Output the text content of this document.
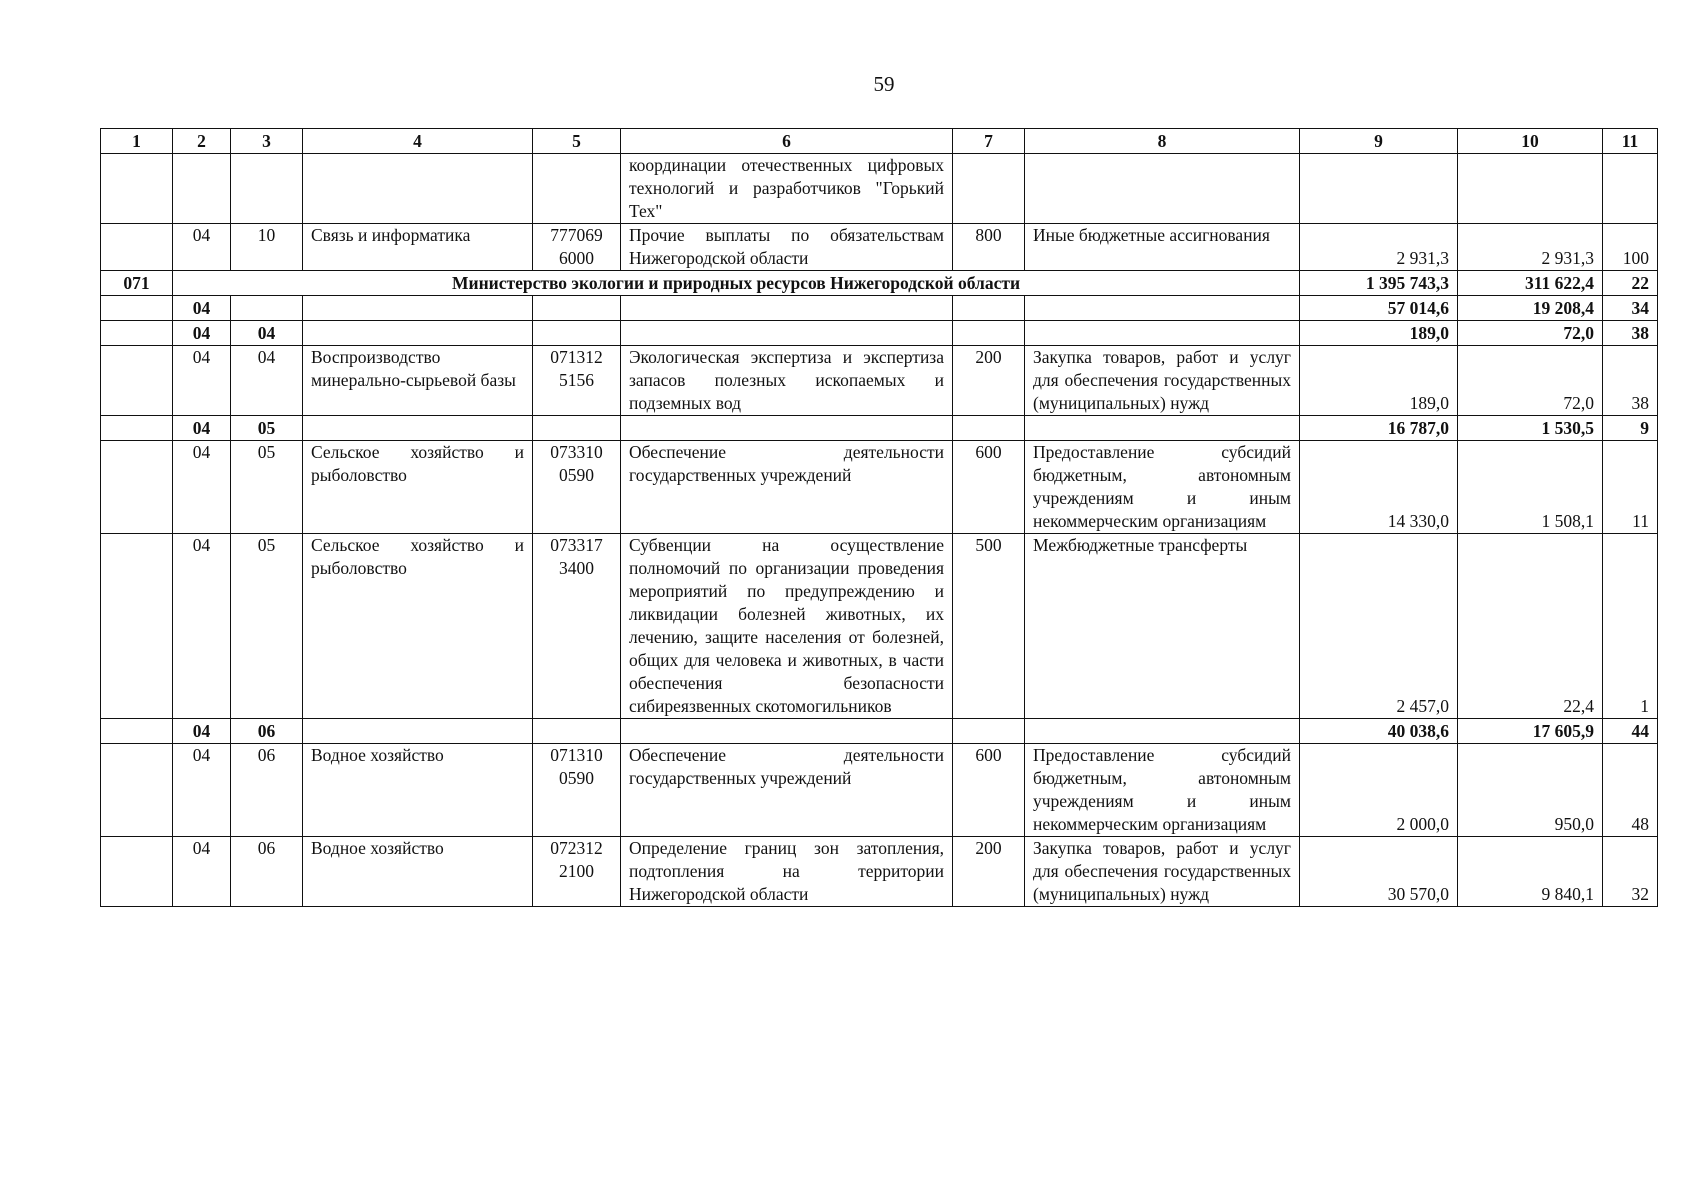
59
1	2	3	4	5	6	7	8	9	10	11
					координации отечественных цифровых технологий и разработчиков "Горький Тех"					
	04	10	Связь и информатика	777069 6000	Прочие выплаты по обязательствам Нижегородской области	800	Иные бюджетные ассигнования	2 931,3	2 931,3	100
071	Министерство экологии и природных ресурсов Нижегородской области							1 395 743,3	311 622,4	22
	04							57 014,6	19 208,4	34
	04	04						189,0	72,0	38
	04	04	Воспроизводство минерально-сырьевой базы	071312 5156	Экологическая экспертиза и экспертиза запасов полезных ископаемых и подземных вод	200	Закупка товаров, работ и услуг для обеспечения государственных (муниципальных) нужд	189,0	72,0	38
	04	05						16 787,0	1 530,5	9
	04	05	Сельское хозяйство и рыболовство	073310 0590	Обеспечение деятельности государственных учреждений	600	Предоставление субсидий бюджетным, автономным учреждениям и иным некоммерческим организациям	14 330,0	1 508,1	11
	04	05	Сельское хозяйство и рыболовство	073317 3400	Субвенции на осуществление полномочий по организации проведения мероприятий по предупреждению и ликвидации болезней животных, их лечению, защите населения от болезней, общих для человека и животных, в части обеспечения безопасности сибиреязвенных скотомогильников	500	Межбюджетные трансферты	2 457,0	22,4	1
	04	06						40 038,6	17 605,9	44
	04	06	Водное хозяйство	071310 0590	Обеспечение деятельности государственных учреждений	600	Предоставление субсидий бюджетным, автономным учреждениям и иным некоммерческим организациям	2 000,0	950,0	48
	04	06	Водное хозяйство	072312 2100	Определение границ зон затопления, подтопления на территории Нижегородской области	200	Закупка товаров, работ и услуг для обеспечения государственных (муниципальных) нужд	30 570,0	9 840,1	32
